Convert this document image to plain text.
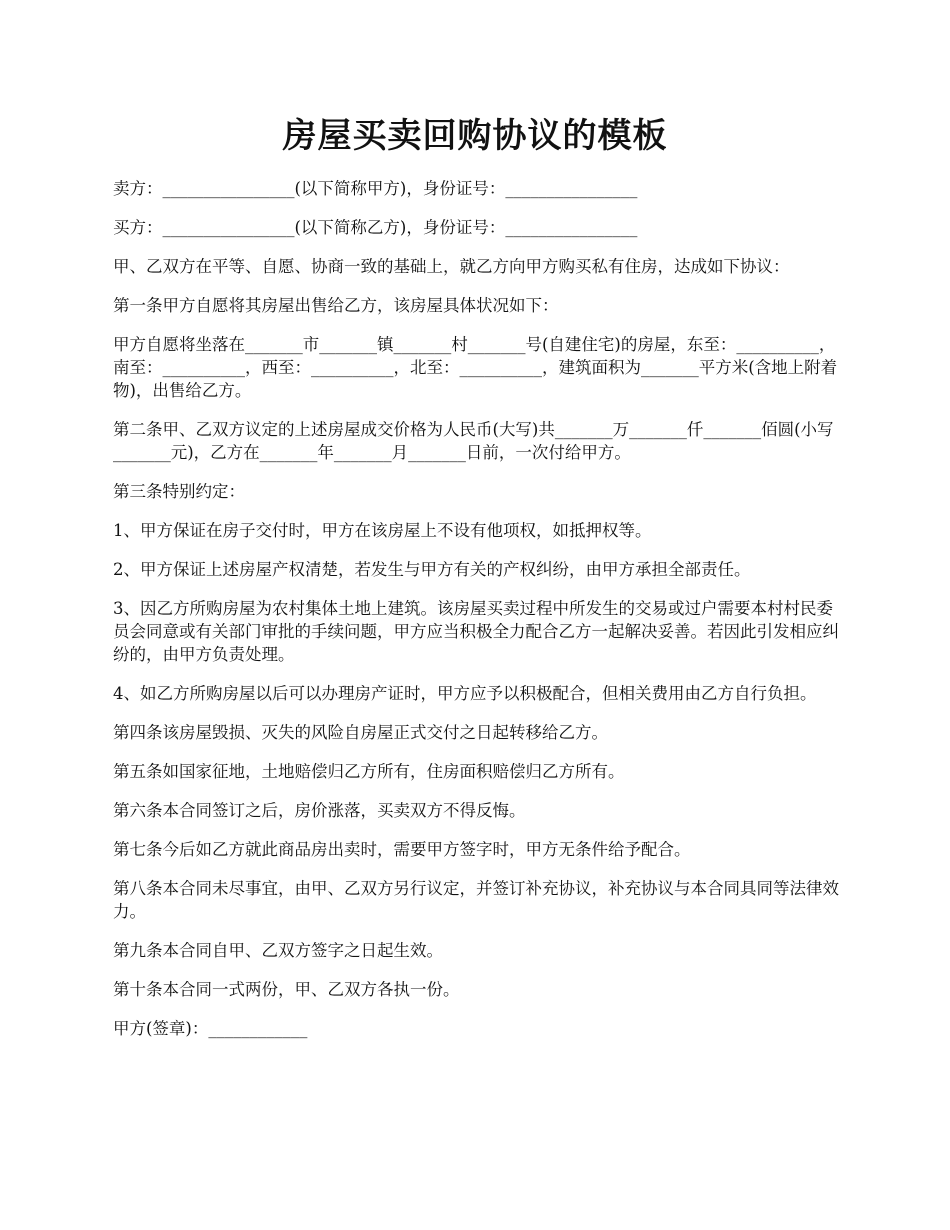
房屋买卖回购协议的模板

卖方：________________(以下简称甲方)，身份证号：________________

买方：________________(以下简称乙方)，身份证号：________________

甲、乙双方在平等、自愿、协商一致的基础上，就乙方向甲方购买私有住房，达成如下协议：

第一条甲方自愿将其房屋出售给乙方，该房屋具体状况如下：

甲方自愿将坐落在_______市_______镇_______村_______号(自建住宅)的房屋，东至：__________，南至：__________，西至：__________，北至：__________，建筑面积为_______平方米(含地上附着物)，出售给乙方。

第二条甲、乙双方议定的上述房屋成交价格为人民币(大写)共_______万_______仟_______佰圆(小写_______元)，乙方在_______年_______月_______日前，一次付给甲方。

第三条特别约定：

1、甲方保证在房子交付时，甲方在该房屋上不设有他项权，如抵押权等。

2、甲方保证上述房屋产权清楚，若发生与甲方有关的产权纠纷，由甲方承担全部责任。

3、因乙方所购房屋为农村集体土地上建筑。该房屋买卖过程中所发生的交易或过户需要本村村民委员会同意或有关部门审批的手续问题，甲方应当积极全力配合乙方一起解决妥善。若因此引发相应纠纷的，由甲方负责处理。

4、如乙方所购房屋以后可以办理房产证时，甲方应予以积极配合，但相关费用由乙方自行负担。

第四条该房屋毁损、灭失的风险自房屋正式交付之日起转移给乙方。

第五条如国家征地，土地赔偿归乙方所有，住房面积赔偿归乙方所有。

第六条本合同签订之后，房价涨落，买卖双方不得反悔。

第七条今后如乙方就此商品房出卖时，需要甲方签字时，甲方无条件给予配合。

第八条本合同未尽事宜，由甲、乙双方另行议定，并签订补充协议，补充协议与本合同具同等法律效力。

第九条本合同自甲、乙双方签字之日起生效。

第十条本合同一式两份，甲、乙双方各执一份。

甲方(签章)：____________
